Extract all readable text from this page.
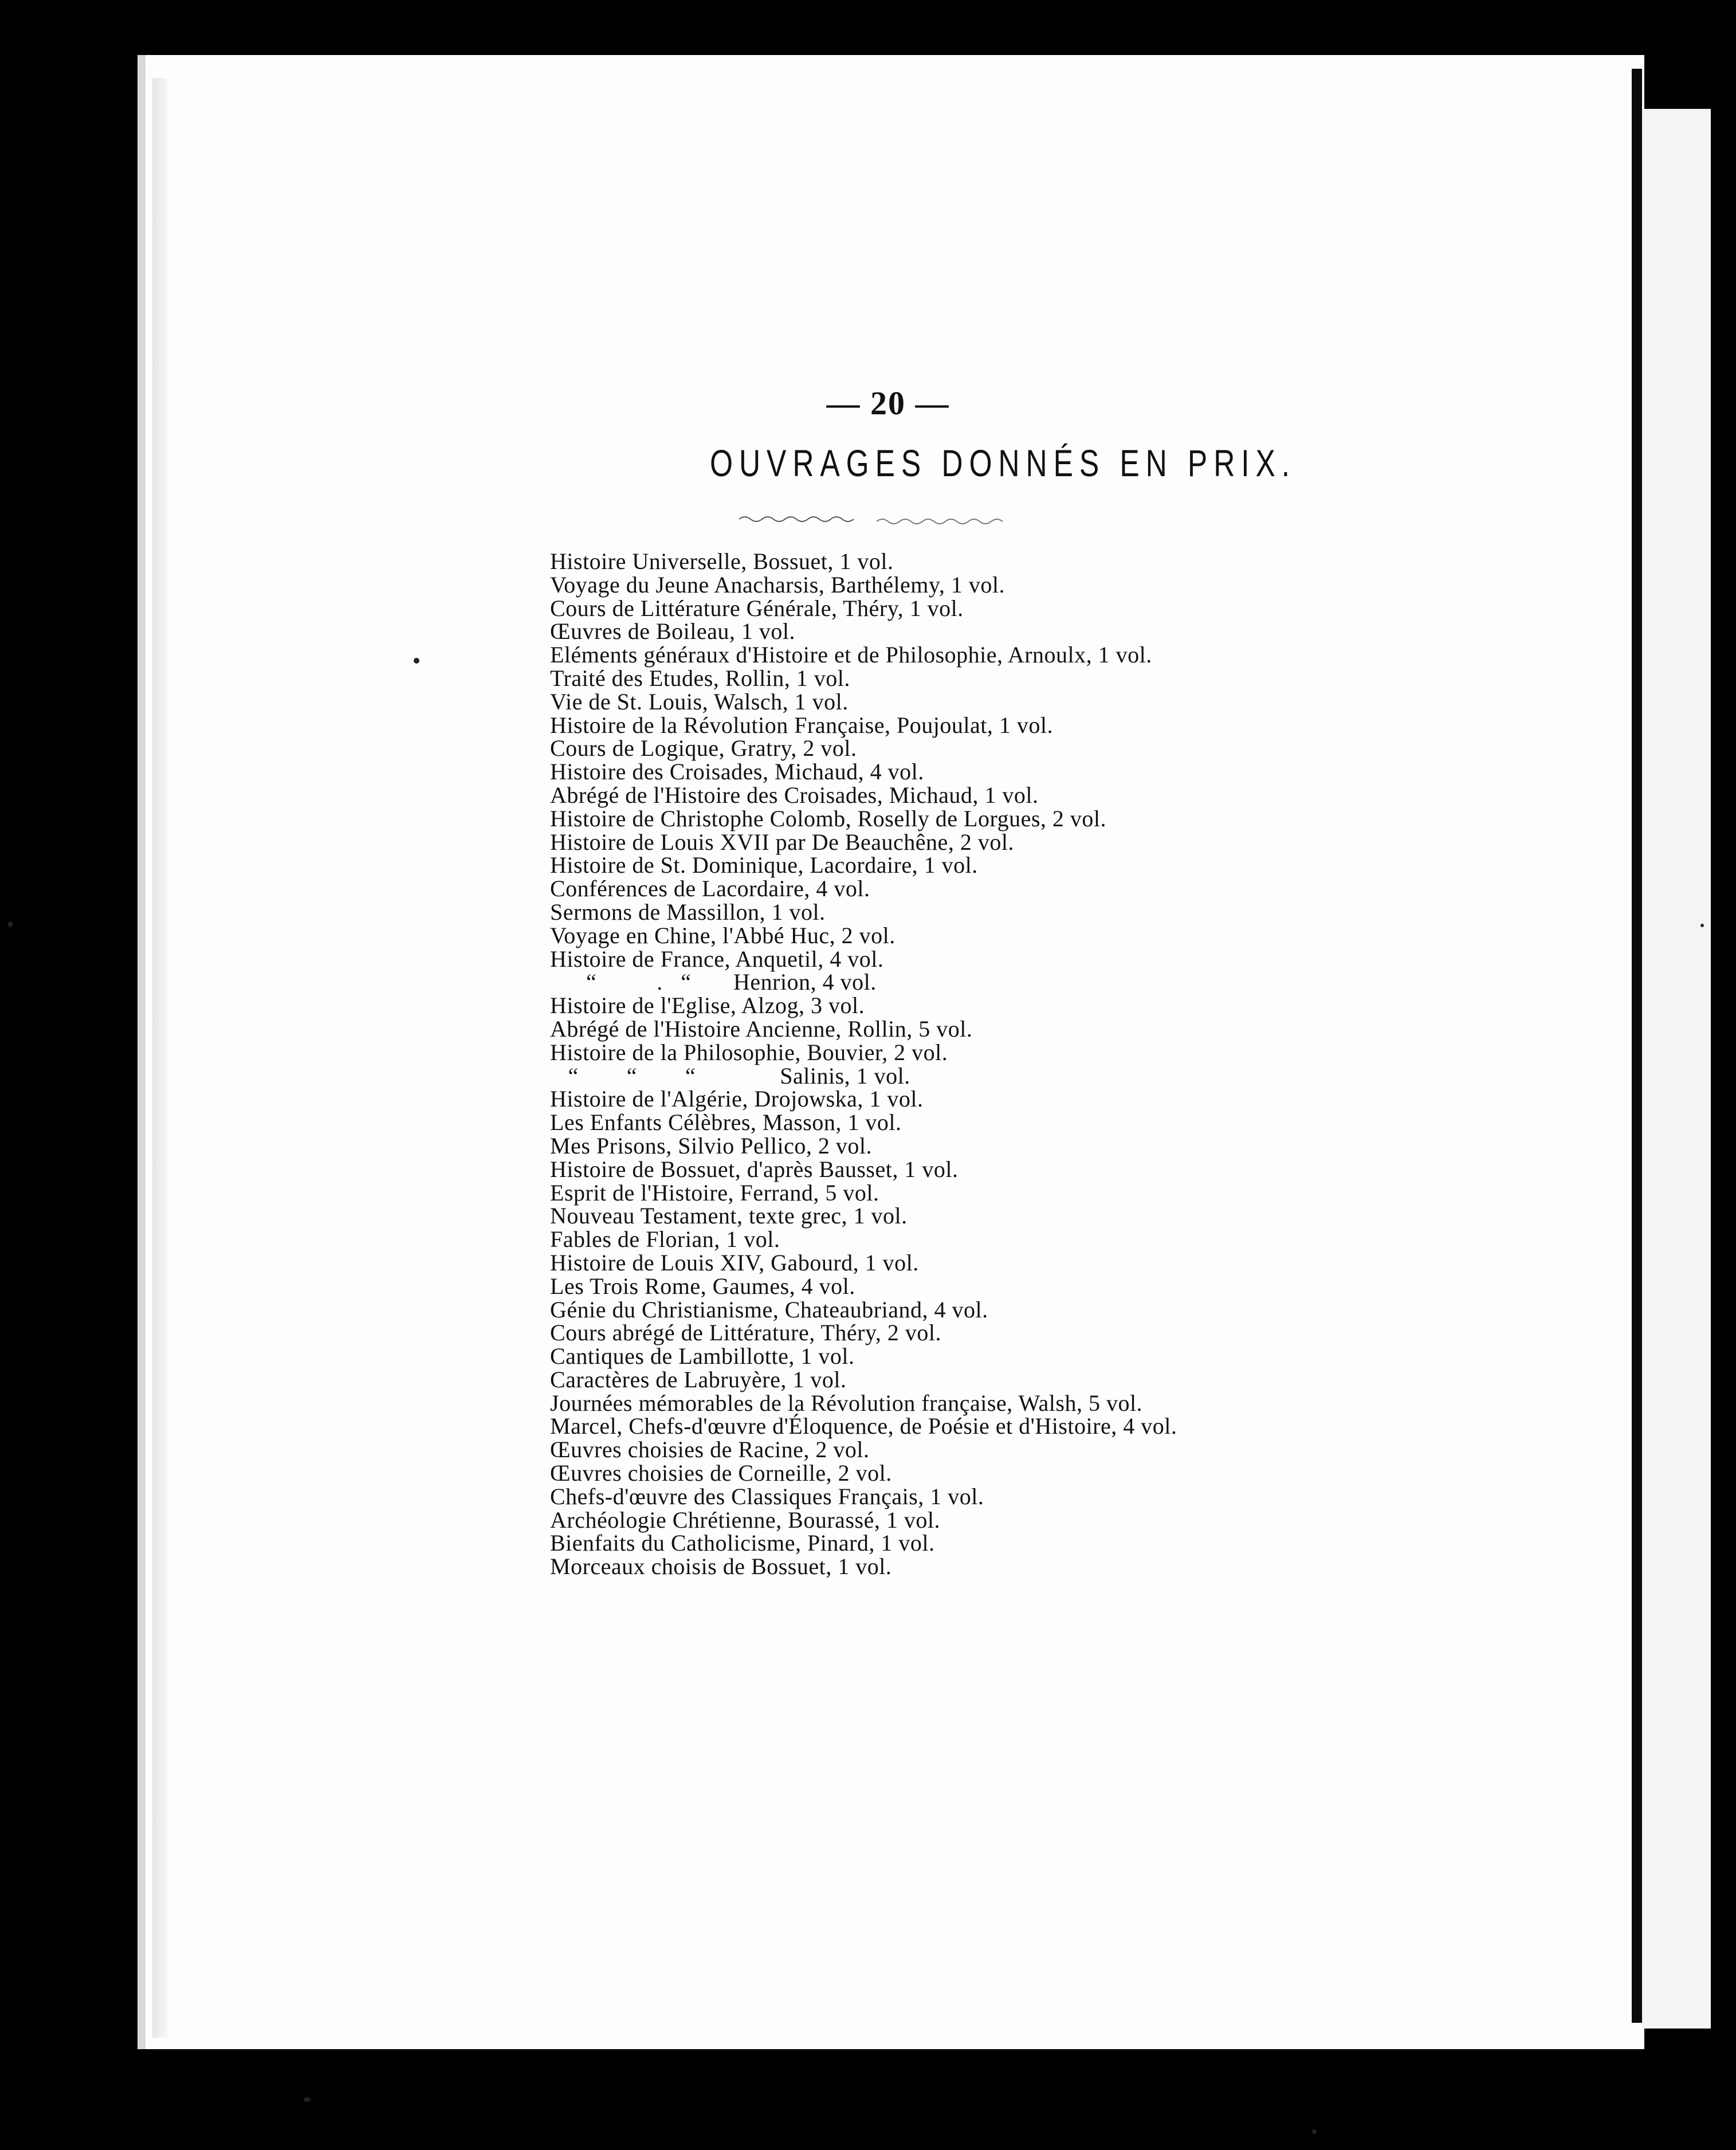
— 20 —
OUVRAGES DONNÉS EN PRIX.
Histoire Universelle, Bossuet, 1 vol.
Voyage du Jeune Anacharsis, Barthélemy, 1 vol.
Cours de Littérature Générale, Théry, 1 vol.
Œuvres de Boileau, 1 vol.
Eléments généraux d'Histoire et de Philosophie, Arnoulx, 1 vol.
Traité des Etudes, Rollin, 1 vol.
Vie de St. Louis, Walsch, 1 vol.
Histoire de la Révolution Française, Poujoulat, 1 vol.
Cours de Logique, Gratry, 2 vol.
Histoire des Croisades, Michaud, 4 vol.
Abrégé de l'Histoire des Croisades, Michaud, 1 vol.
Histoire de Christophe Colomb, Roselly de Lorgues, 2 vol.
Histoire de Louis XVII par De Beauchêne, 2 vol.
Histoire de St. Dominique, Lacordaire, 1 vol.
Conférences de Lacordaire, 4 vol.
Sermons de Massillon, 1 vol.
Voyage en Chine, l'Abbé Huc, 2 vol.
Histoire de France, Anquetil, 4 vol.
“          .   “       Henrion, 4 vol.
Histoire de l'Eglise, Alzog, 3 vol.
Abrégé de l'Histoire Ancienne, Rollin, 5 vol.
Histoire de la Philosophie, Bouvier, 2 vol.
“        “        “              Salinis, 1 vol.
Histoire de l'Algérie, Drojowska, 1 vol.
Les Enfants Célèbres, Masson, 1 vol.
Mes Prisons, Silvio Pellico, 2 vol.
Histoire de Bossuet, d'après Bausset, 1 vol.
Esprit de l'Histoire, Ferrand, 5 vol.
Nouveau Testament, texte grec, 1 vol.
Fables de Florian, 1 vol.
Histoire de Louis XIV, Gabourd, 1 vol.
Les Trois Rome, Gaumes, 4 vol.
Génie du Christianisme, Chateaubriand, 4 vol.
Cours abrégé de Littérature, Théry, 2 vol.
Cantiques de Lambillotte, 1 vol.
Caractères de Labruyère, 1 vol.
Journées mémorables de la Révolution française, Walsh, 5 vol.
Marcel, Chefs-d'œuvre d'Éloquence, de Poésie et d'Histoire, 4 vol.
Œuvres choisies de Racine, 2 vol.
Œuvres choisies de Corneille, 2 vol.
Chefs-d'œuvre des Classiques Français, 1 vol.
Archéologie Chrétienne, Bourassé, 1 vol.
Bienfaits du Catholicisme, Pinard, 1 vol.
Morceaux choisis de Bossuet, 1 vol.
